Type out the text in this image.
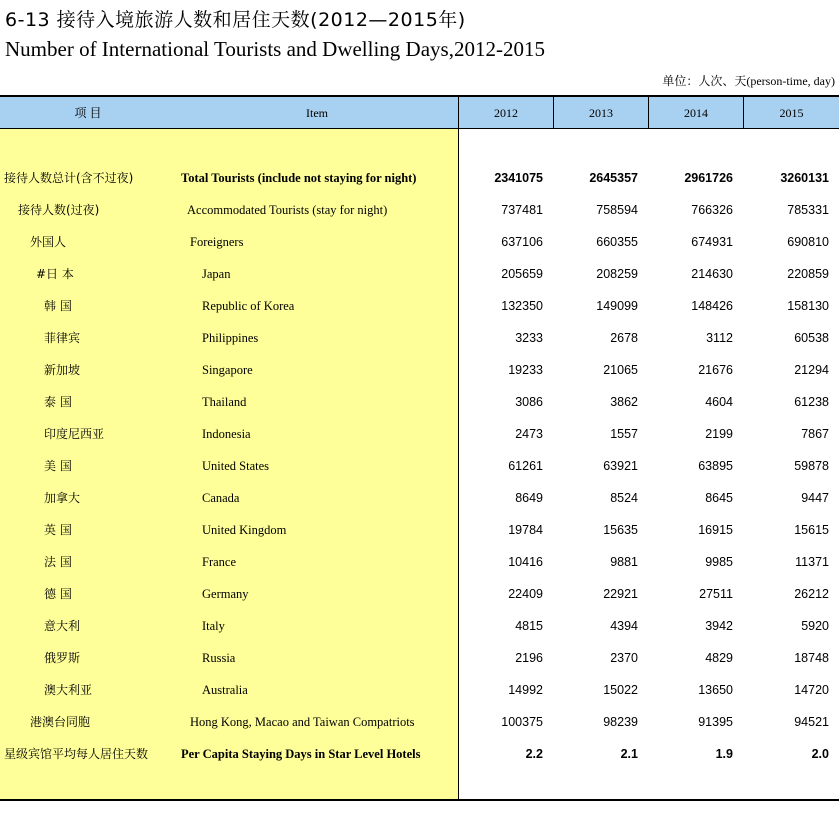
6-13 接待入境旅游人数和居住天数(2012—2015年)
Number of International Tourists and Dwelling Days,2012-2015
单位：人次、天(person-time, day)
项 目	Item	2012	2013	2014	2015
接待人数总计(含不过夜)	Total Tourists (include not staying for night)	2341075	2645357	2961726	3260131
接待人数(过夜)	Accommodated Tourists (stay for night)	737481	758594	766326	785331
外国人	Foreigners	637106	660355	674931	690810
#日 本	Japan	205659	208259	214630	220859
韩 国	Republic of Korea	132350	149099	148426	158130
菲律宾	Philippines	3233	2678	3112	60538
新加坡	Singapore	19233	21065	21676	21294
泰 国	Thailand	3086	3862	4604	61238
印度尼西亚	Indonesia	2473	1557	2199	7867
美 国	United States	61261	63921	63895	59878
加拿大	Canada	8649	8524	8645	9447
英 国	United Kingdom	19784	15635	16915	15615
法 国	France	10416	9881	9985	11371
德 国	Germany	22409	22921	27511	26212
意大利	Italy	4815	4394	3942	5920
俄罗斯	Russia	2196	2370	4829	18748
澳大利亚	Australia	14992	15022	13650	14720
港澳台同胞	Hong Kong, Macao and Taiwan Compatriots	100375	98239	91395	94521
星级宾馆平均每人居住天数	Per Capita Staying Days in Star Level Hotels	2.2	2.1	1.9	2.0
